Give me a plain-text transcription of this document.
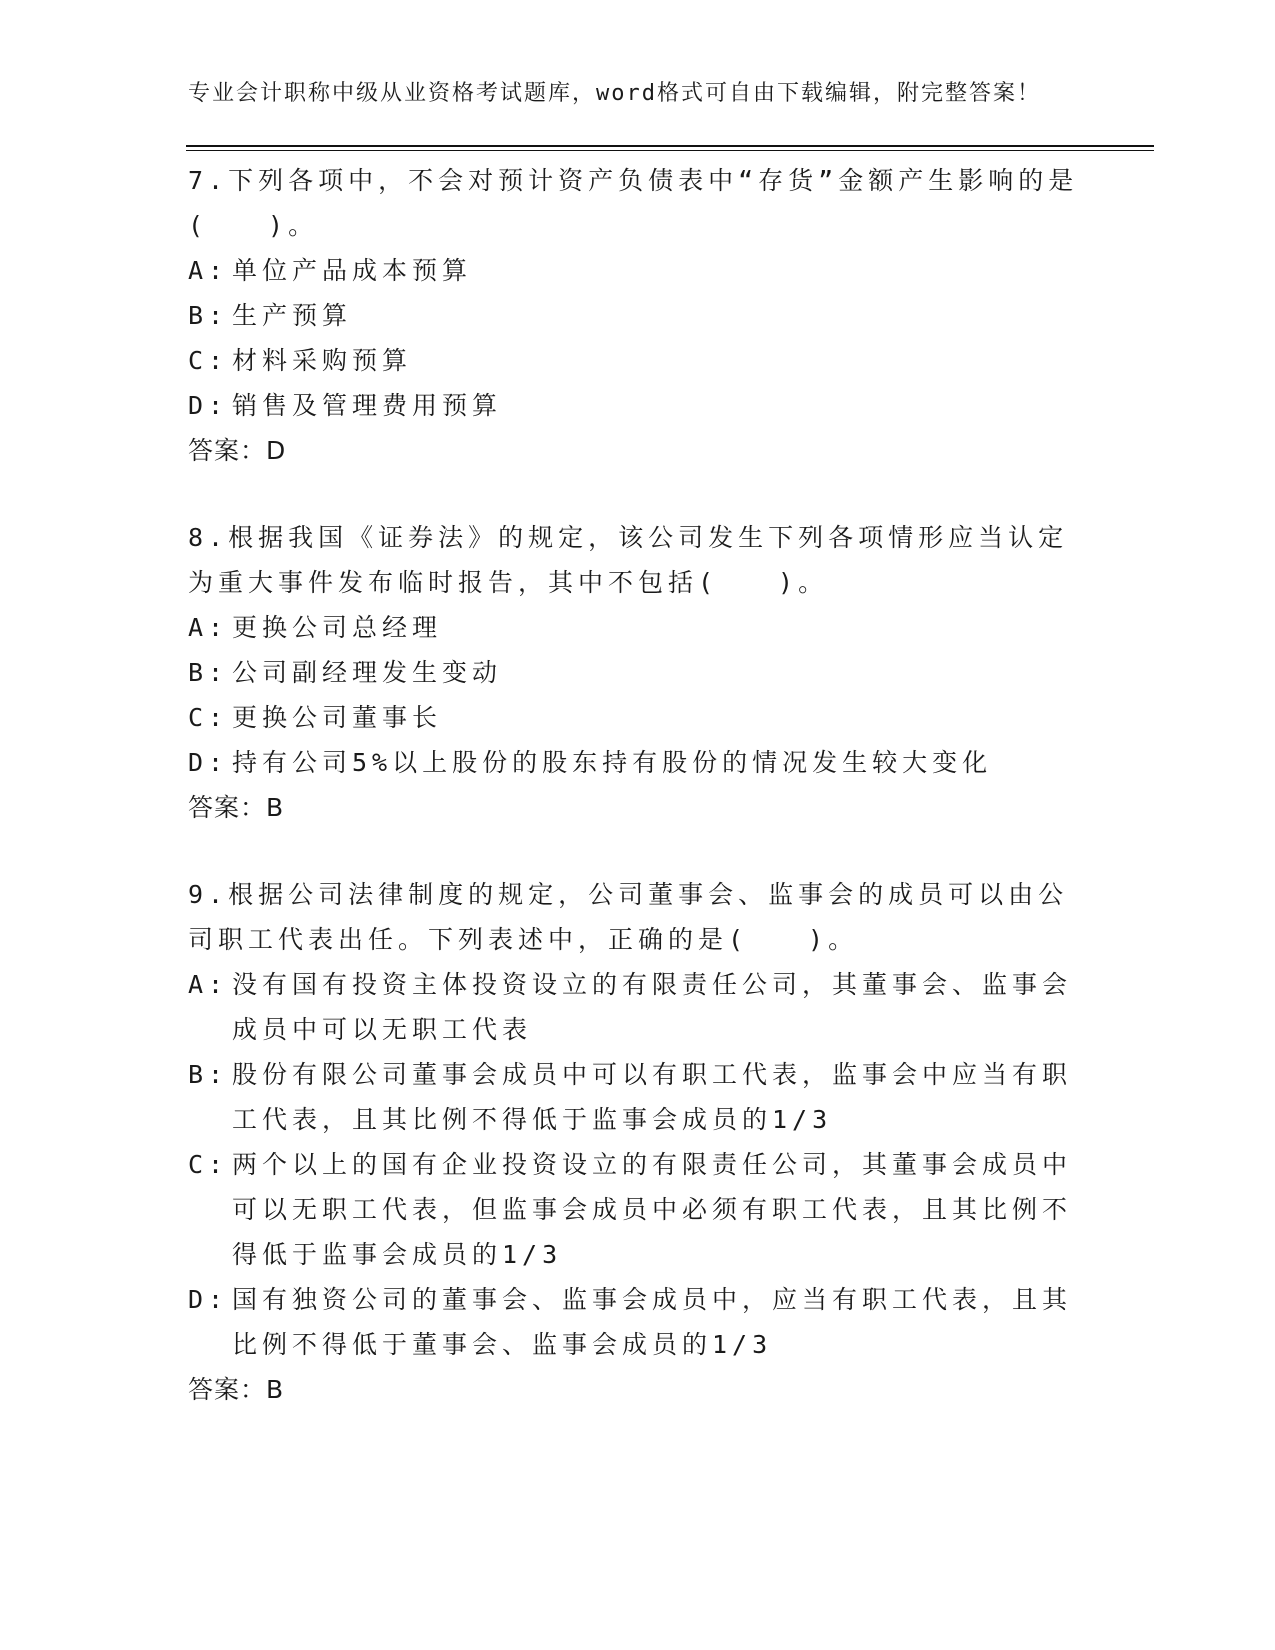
专业会计职称中级从业资格考试题库，word格式可自由下载编辑，附完整答案！
7.下列各项中，不会对预计资产负债表中“存货”金额产生影响的是(　　)。
A: 单位产品成本预算
B: 生产预算
C: 材料采购预算
D: 销售及管理费用预算
答案：D
8.根据我国《证券法》的规定，该公司发生下列各项情形应当认定为重大事件发布临时报告，其中不包括(　　)。
A: 更换公司总经理
B: 公司副经理发生变动
C: 更换公司董事长
D: 持有公司5%以上股份的股东持有股份的情况发生较大变化
答案：B
9.根据公司法律制度的规定，公司董事会、监事会的成员可以由公司职工代表出任。下列表述中，正确的是(　　)。
A: 没有国有投资主体投资设立的有限责任公司，其董事会、监事会成员中可以无职工代表
B: 股份有限公司董事会成员中可以有职工代表，监事会中应当有职工代表，且其比例不得低于监事会成员的1/3
C: 两个以上的国有企业投资设立的有限责任公司，其董事会成员中可以无职工代表，但监事会成员中必须有职工代表，且其比例不得低于监事会成员的1/3
D: 国有独资公司的董事会、监事会成员中，应当有职工代表，且其比例不得低于董事会、监事会成员的1/3
答案：B
